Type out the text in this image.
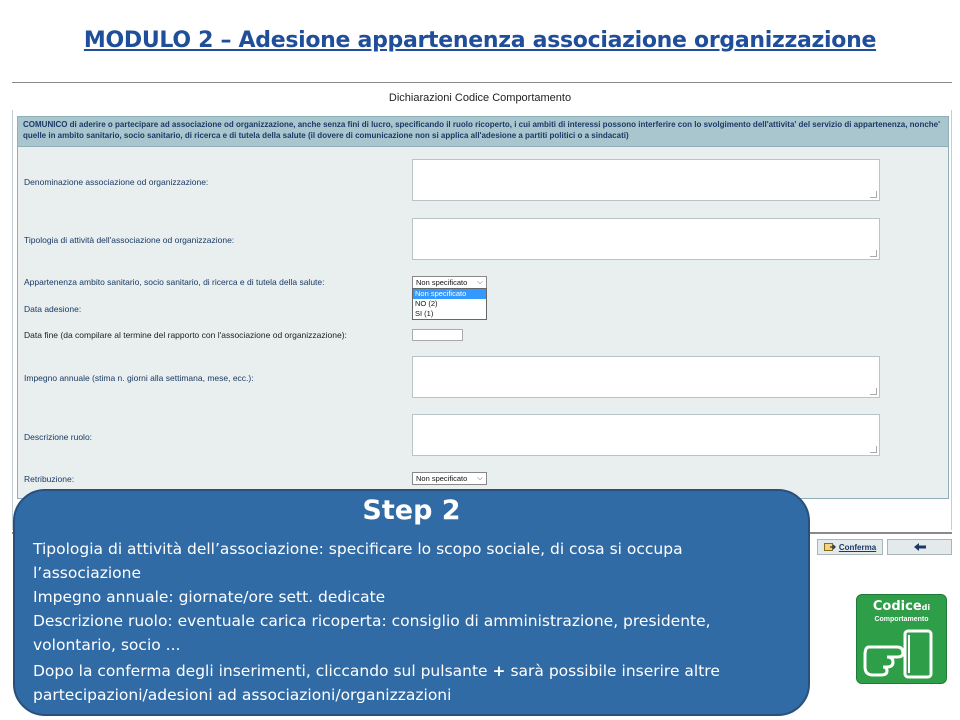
MODULO 2 – Adesione appartenenza associazione organizzazione
Dichiarazioni Codice Comportamento
COMUNICO di aderire o partecipare ad associazione od organizzazione, anche senza fini di lucro, specificando il ruolo ricoperto, i cui ambiti di interessi possono interferire con lo svolgimento dell'attivita' del servizio di appartenenza, nonche' quelle in ambito sanitario, socio sanitario, di ricerca e di tutela della salute (il dovere di comunicazione non si applica all'adesione a partiti politici o a sindacati)
Denominazione associazione od organizzazione:
Tipologia di attività dell'associazione od organizzazione:
Appartenenza ambito sanitario, socio sanitario, di ricerca e di tutela della salute:	Non specificato	⌵
Non specificato
NO (2)
SI (1)
Data adesione:
Data fine (da compilare al termine del rapporto con l'associazione od organizzazione):
Impegno annuale (stima n. giorni alla settimana, mese, ecc.):
Descrizione ruolo:
Retribuzione:	Non specificato	⌵
Conferma
Step 2

Tipologia di attività dell’associazione: specificare lo scopo sociale, di cosa si occupa l’associazione

Impegno annuale: giornate/ore sett. dedicate

Descrizione ruolo: eventuale carica ricoperta: consiglio di amministrazione, presidente, volontario, socio ...

Dopo la conferma degli inserimenti, cliccando sul pulsante + sarà possibile inserire altre partecipazioni/adesioni ad associazioni/organizzazioni

Codicedi
Comportamento
